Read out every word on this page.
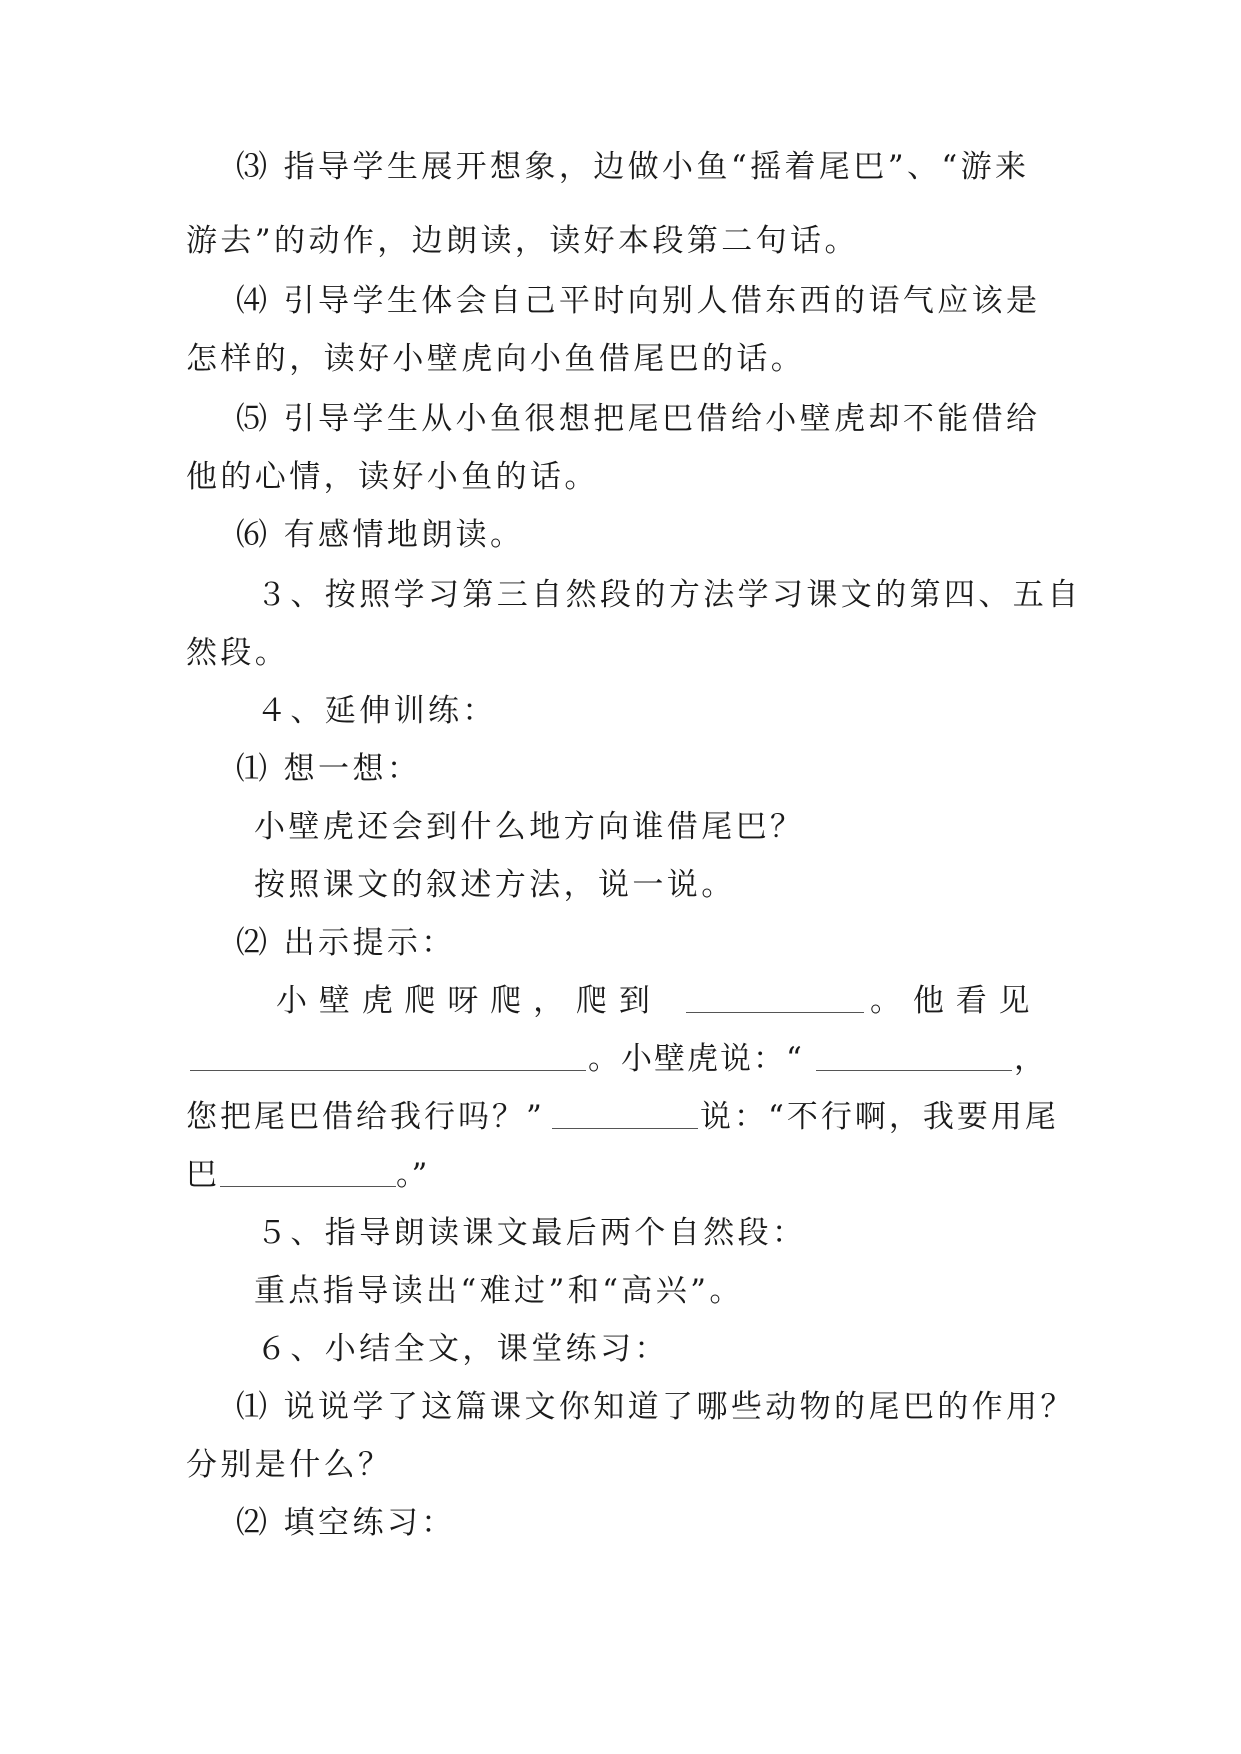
⑶ 指导学生展开想象，边做小鱼“摇着尾巴”、“游来
游去”的动作，边朗读，读好本段第二句话。
⑷ 引导学生体会自己平时向别人借东西的语气应该是
怎样的，读好小壁虎向小鱼借尾巴的话。
⑸ 引导学生从小鱼很想把尾巴借给小壁虎却不能借给
他的心情，读好小鱼的话。
⑹ 有感情地朗读。
３、按照学习第三自然段的方法学习课文的第四、五自
然段。
４、延伸训练：
⑴ 想一想：
小壁虎还会到什么地方向谁借尾巴？
按照课文的叙述方法，说一说。
⑵ 出示提示：
小 壁 虎 爬 呀 爬 ， 爬 到	。 他 看 见
。小壁虎说：“	，
您把尾巴借给我行吗？”	说：“不行啊，我要用尾
巴	。”
５、指导朗读课文最后两个自然段：
重点指导读出“难过”和“高兴”。
６、小结全文，课堂练习：
⑴ 说说学了这篇课文你知道了哪些动物的尾巴的作用？
分别是什么？
⑵ 填空练习：
